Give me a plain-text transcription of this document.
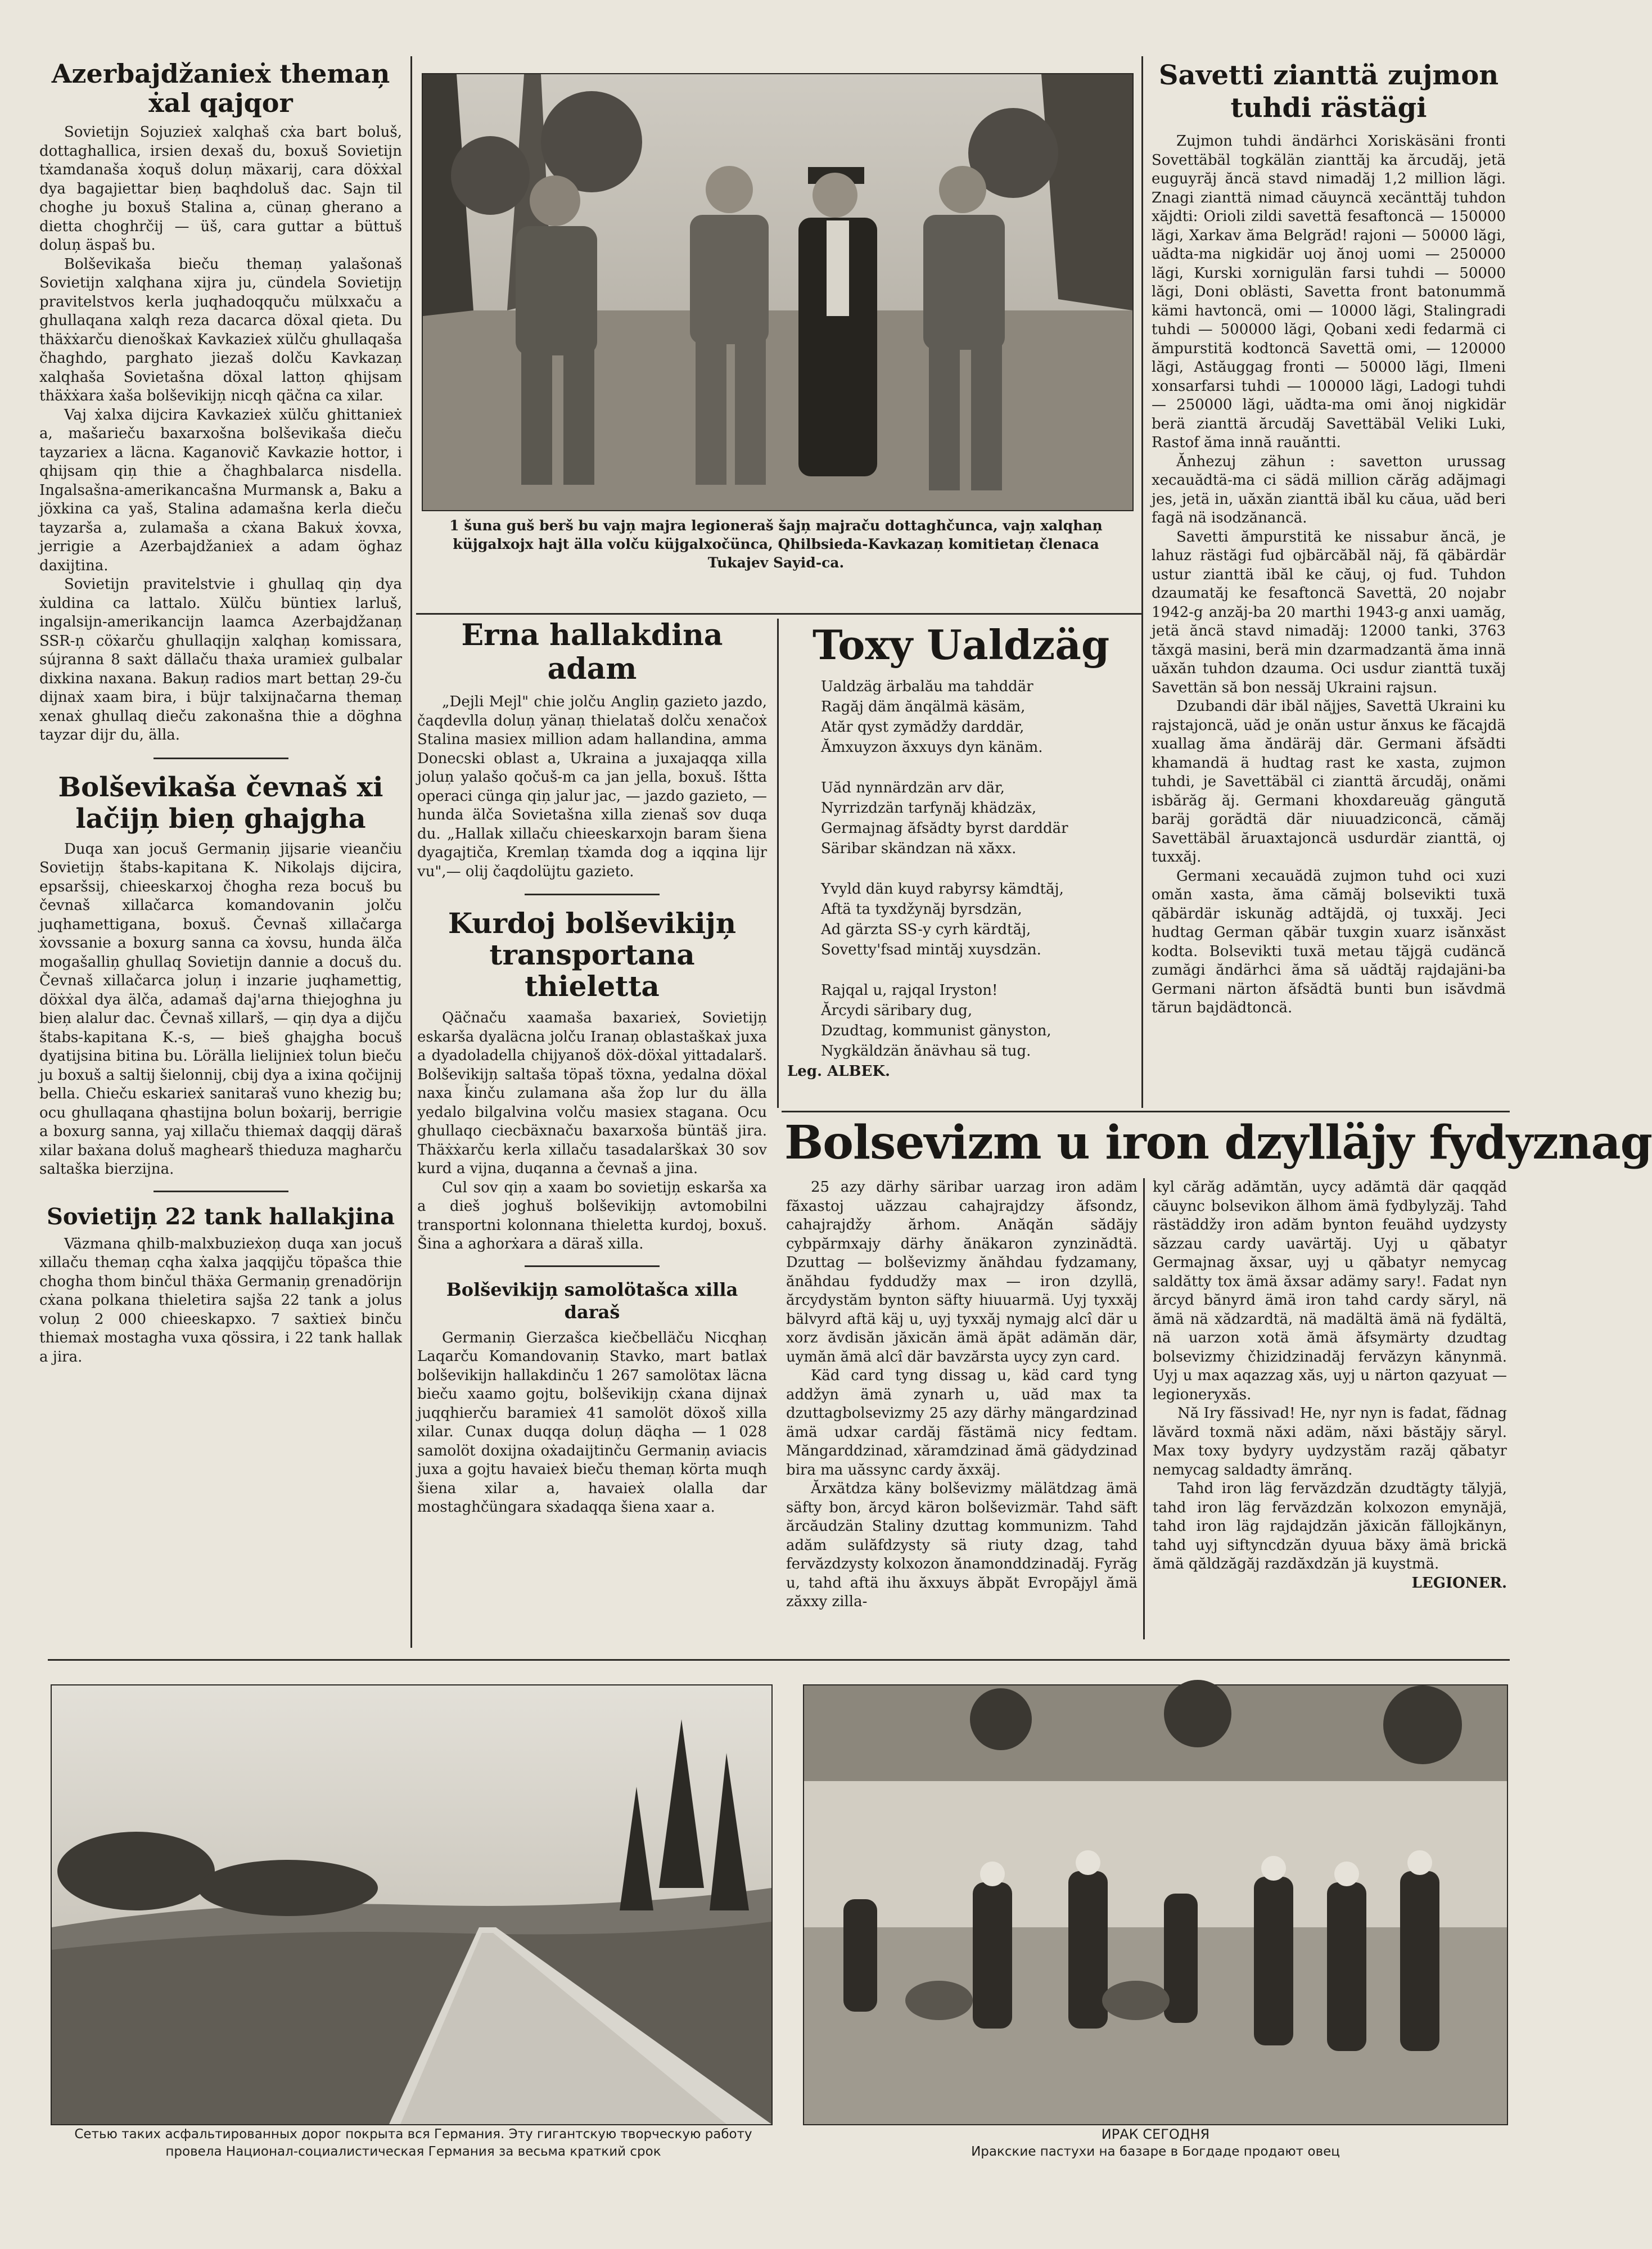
Azerbajdžanieẋ theman̦ ẋal qajqor

Sovietijn Sojuzieẋ xalqhaš cẋa bart boluš, dottaghallica, irsien dexaš du, boxuš Sovietijn tẋamdanaša ẋoquš dolun̦ mäxarij, cara döẋẋal dya bagajiettar bien̦ baqhdoluš dac. Sajn til choghe ju boxuš Stalina a, cünan̦ gherano a dietta choghrčij — üš, cara guttar a büttuš dolun̦ äspaš bu.

Bolševikaša bieču theman̦ yalašonaš Sovietijn xalqhana xijra ju, cündela Sovietijn̦ pravitelstvos kerla juqhadoqquču mülxxaču a ghullaqana xalqh reza dacarca döxal qieta. Du thäẋẋarču dienoškaẋ Kavkazieẋ xülču ghullaqaša čhaghdo, parghato jiezaš dolču Kavkazan̦ xalqhaša Sovietašna döxal latton̦ qhijsam thäẋẋara ẋaša bolševikijn̦ nicqh qäčna ca xilar.

Vaj ẋalxa dijcira Kavkazieẋ xülču ghittanieẋ a, mašarieču baxarxošna bolševikaša dieču tayzariex a läcna. Kaganovič Kavkazie hottor, i qhijsam qin̦ thie a čhaghbalarca nisdella. Ingalsašna-amerikancašna Murmansk a, Baku a jöxkina ca yaš, Stalina adamašna kerla dieču tayzarša a, zulamaša a cẋana Bakuẋ ẋovxa, jerrigie a Azerbajdžanieẋ a adam öghaz daxijtina.

Sovietijn pravitelstvie i ghullaq qin̦ dya ẋuldina ca lattalo. Xülču büntiex larluš, ingalsijn-amerikancijn laamca Azerbajdžanan̦ SSR-n̦ cöẋarču ghullaqijn xalqhan̦ komissara, sújranna 8 saẋt dällaču thaẋa uramieẋ gulbalar dixkina naxana. Bakun̦ radios mart bettan̦ 29-ču dijnaẋ xaam bira, i büjr talxijnačarna theman̦ xenaẋ ghullaq dieču zakonašna thie a döghna tayzar dijr du, älla.

Bolševikaša čevnaš xi lačijn̦ bien̦ ghajgha

Duqa xan jocuš Germanin̦ jijsarie vieančiu Sovietijn̦ štabs-kapitana K. Nikolajs dijcira, epsaršsij, chieeskarxoj čhogha reza bocuš bu čevnaš xillačarca komandovanin jolču juqhamettigana, boxuš. Čevnaš xillačarga ẋovssanie a boxurg sanna ca ẋovsu, hunda älča mogašallin̦ ghullaq Sovietijn dannie a docuš du. Čevnaš xillačarca jolun̦ i inzarie juqhamettig, döẋẋal dya älča, adamaš daj'arna thiejoghna ju bien̦ alalur dac. Čevnaš xillarš, — qin̦ dya a dijču štabs-kapitana K.-s, — bieš ghajgha bocuš dyatijsina bitina bu. Lörälla lielijnieẋ tolun bieču ju boxuš a saltij šielonnij, cbij dya a ixina qočijnij bella. Chieču eskarieẋ sanitaraš vuno khezig bu; ocu ghullaqana qhastijna bolun boẋarij, berrigie a boxurg sanna, yaj xillaču thiemaẋ daqqij däraš xilar baẋana doluš maghearš thieduza magharču saltaška bierzijna.

Sovietijn̦ 22 tank hallakjina

Väzmana qhilb-malxbuzieẋon̦ duqa xan jocuš xillaču theman̦ cqha ẋalxa jaqqijču töpašca thie chogha thom binčul thäẋa Germanin̦ grenadörijn cẋana polkana thieletira sajša 22 tank a jolus volun̦ 2 000 chieeskapxo. 7 saẋtieẋ binču thiemaẋ mostagha vuxa qössira, i 22 tank hallak a jira.

1 šuna guš berš bu vajn̦ majra legioneraš šajn̦ majraču dottaghčunca, vajn̦ xalqhan̦ küjgalxojx hajt älla volču küjgalxočünca, Qhilbsieda-Kavkazan̦ komitietan̦ členaca Tukajev Sayid-ca.
Erna hallakdina adam

„Dejli Mejl" chie jolču Anglin̦ gazieto jazdo, čaqdevlla dolun̦ yänan̦ thielataš dolču xenačoẋ Stalina masiex million adam hallandina, amma Donecski oblast a, Ukraina a juxajaqqa xilla jolun̦ yalašo qočuš-m ca jan jella, boxuš. Ištta operaci cünga qin̦ jalur jac, — jazdo gazieto, — hunda älča Sovietašna xilla zienaš sov duqa du. „Hallak xillaču chieeskarxojn baram šiena dyagajtiča, Kremlan̦ tẋamda dog a iqqina lijr vu",— olij čaqdolüjtu gazieto.

Kurdoj bolševikijn̦ transportana thieletta

Qäčnaču xaamaša baxarieẋ, Sovietijn̦ eskarša dyaläcna jolču Iranan̦ oblastaškaẋ juxa a dyadoladella chijyanoš döẋ-döẋal yittadalarš. Bolševikijn̦ saltaša töpaš töxna, yedalna döẋal naxa ǩinču zulamana aša žop lur du älla yedalo bilgalvina volču masiex stagana. Ocu ghullaqo ciecbäxnaču baxarxoša büntäš jira. Thäẋẋarču kerla xillaču tasadalarškaẋ 30 sov kurd a vijna, duqanna a čevnaš a jina.

Cul sov qin̦ a xaam bo sovietijn̦ eskarša xa a dieš joghuš bolševikijn̦ avtomobilni transportni kolonnana thieletta kurdoj, boxuš. Šina a aghorẋara a däraš xilla.

Bolševikijn̦ samolötašca xilla daraš

Germanin̦ Gierzašca kiečbelläču Nicqhan̦ Laqarču Komandovanin̦ Stavko, mart batlaẋ bolševikijn hallakdinču 1 267 samolötax läcna bieču xaamo gojtu, bolševikijn̦ cẋana dijnaẋ juqqhierču baramieẋ 41 samolöt döxoš xilla xilar. Cunax duqqa dolun̦ däqha — 1 028 samolöt doxijna oẋadaijtinču Germanin̦ aviacis juxa a gojtu havaieẋ bieču theman̦ körta muqh šiena xilar a, havaieẋ olalla dar mostaghčüngara sẋadaqqa šiena xaar a.

Toxy Ualdzäg

Ualdzäg ärbalău ma tahddär

Ragăj däm ănqälmä käsäm,

Atăr qyst zymădžy darddär,

Ămxuyzon ăxxuys dyn känäm.

Uăd nynnärdzän arv där,

Nyrrizdzän tarfynăj khädzäx,

Germajnag ăfsădty byrst darddär

Säribar skändzan nä xăxx.

Yvyld dän kuyd rabyrsy kämdtăj,

Aftä ta tyxdžynăj byrsdzän,

Ad gärzta SS-y cyrh kärdtăj,

Sovetty'fsad mintăj xuysdzän.

Rajqal u, rajqal Iryston!

Ărcydi säribary dug,

Dzudtag, kommunist gänyston,

Nygkäldzän ănävhau sä tug.

Leg. ALBEK.

Savetti zianttä zujmon tuhdi rästägi

Zujmon tuhdi ändärhci Xoriskäsäni fronti Sovettäbäl togkälän zianttăj ka ărcudăj, jetä euguyrăj ăncä stavd nimadăj 1,2 million lăgi. Znagi zianttä nimad căuyncä xecänttăj tuhdon xăjdti: Orioli zildi savettä fesaftoncä — 150000 lăgi, Xarkav ăma Belgrăd! rajoni — 50000 lăgi, uădta-ma nigkidär uoj ănoj uomi — 250000 lăgi, Kurski xornigulän farsi tuhdi — 50000 lăgi, Doni oblästi, Savetta front batonummă kämi havtoncä, omi — 10000 lăgi, Stalingradi tuhdi — 500000 lăgi, Qobani xedi fedarmä ci ămpurstitä kodtoncä Savettä omi, — 120000 lăgi, Astăuggag fronti — 50000 lăgi, Ilmeni xonsarfarsi tuhdi — 100000 lăgi, Ladogi tuhdi — 250000 lăgi, uădta-ma omi ănoj nigkidär berä zianttä ărcudăj Savettäbäl Veliki Luki, Rastof ăma innă rauăntti.

Ănhezuj zähun : savetton urussag xecauădtä-ma ci sädä million cărăg adăjmagi jes, jetä in, uăxăn zianttä ibăl ku căua, uăd beri fagä nä isodzănancä.

Savetti ămpurstitä ke nissabur ăncä, je lahuz rästăgi fud ojbärcăbăl năj, fă qäbärdär ustur zianttä ibăl ke căuj, oj fud. Tuhdon dzaumatăj ke fesaftoncä Savettä, 20 nojabr 1942-g anzăj-ba 20 marthi 1943-g anxi uamăg, jetä ăncä stavd nimadăj: 12000 tanki, 3763 tăxgä masini, berä min dzarmadzantä ăma innä uăxăn tuhdon dzauma. Oci usdur zianttä tuxăj Savettän să bon nessăj Ukraini rajsun.

Dzubandi där ibăl năjjes, Savettä Ukraini ku rajstajoncä, uăd je onăn ustur ănxus ke făcajdä xuallag ăma ăndäräj där. Germani ăfsădti khamandä ä hudtag rast ke xasta, zujmon tuhdi, je Savettäbäl ci zianttä ărcudăj, onămi isbărăg ăj. Germani khoxdareuăg gängută baräj gorădtä där niuuadziconcä, cămăj Savettäbäl ăruaxtajoncä usdurdär zianttä, oj tuxxăj.

Germani xecauădä zujmon tuhd oci xuzi omăn xasta, ăma cămăj bolsevikti tuxä qăbärdär iskunăg adtăjdä, oj tuxxăj. Jeci hudtag German qăbär tuxgin xuarz isănxăst kodta. Bolsevikti tuxä metau tăjgä cudäncă zumăgi ăndärhci ăma să uădtăj rajdajäni-ba Germani närton ăfsădtä bunti bun isăvdmä tărun bajdädtoncä.

Bolsevizm u iron dzylläjy fydyznag

25 azy därhy säribar uarzag iron adäm făxastoj uăzzau cahajrajdzy ăfsondz, cahajrajdžy ărhom. Anăqăn sădăjy cybpărmxajy därhy ănäkaron zynzinădtä. Dzuttag — bolševizmy ănăhdau fydzamany, ănăhdau fyddudžy max — iron dzyllä, ărcydystăm bynton säfty hiuuarmä. Uyj tyxxăj bälvyrd aftä käj u, uyj tyxxăj nymajg alcî där u xorz ăvdisăn jăxicăn ämä ăpät adämăn där, uymăn ămä alcî där bavzărsta uycy zyn card.

Käd card tyng dissag u, käd card tyng addžyn ämä zynarh u, uăd max ta dzuttagbolsevizmy 25 azy därhy mängardzinad ämä udxar cardăj făstämä nicy fedtam. Măngarddzinad, xăramdzinad ămä gädydzinad bira ma uăssync cardy ăxxäj.

Ărxätdza käny bolševizmy mälätdzag ämä säfty bon, ărcyd käron bolševizmär. Tahd säft ărcăudzän Staliny dzuttag kommunizm. Tahd adăm sulăfdzysty sä riuty dzag, tahd fervăzdzysty kolxozon ănamonddzinadăj. Fyrăg u, tahd aftä ihu ăxxuys ăbpăt Evropăjyl ămä zăxxy zilla-

kyl cărăg adămtăn, uycy adămtä där qaqqăd căuync bolsevikon ălhom ämä fydbylyzăj. Tahd rästäddžy iron adăm bynton feuähd uydzysty săzzau cardy uavärtăj. Uyj u qăbatyr Germajnag ăxsar, uyj u qăbatyr nemycag saldătty tox ämä ăxsar adämy sary!. Fadat nyn ărcyd bănyrd ämä iron tahd cardy săryl, nä ămä nä xădzardtä, nä madältä ämä nä fydältä, nä uarzon xotä ămä ăfsymärty dzudtag bolsevizmy čhizidzinadăj fervăzyn kănynmä. Uyj u max aqazzag xăs, uyj u närton qazyuat — legioneryxăs.

Nă Iry făssivad! He, nyr nyn is fadat, fădnag lăvărd toxmä năxi adäm, năxi băstăjy săryl. Max toxy bydyry uydzystăm razăj qăbatyr nemycag saldadty ämrănq.

Tahd iron läg fervăzdzăn dzudtăgty tălyjä, tahd iron läg fervăzdzăn kolxozon emynăjä, tahd iron läg rajdajdzăn jăxicăn făllojkănyn, tahd uyj siftyncdzăn dyuua băxy ämä brickä ămä qăldzăgăj razdăxdzăn jä kuystmä.

LEGIONER.

Сетью таких асфальтированных дорог покрыта вся Германия. Эту гигантскую творческую работу провела Национал-социалистическая Германия за весьма краткий срок
ИРАК СЕГОДНЯ
Иракские пастухи на базаре в Богдаде продают овец
